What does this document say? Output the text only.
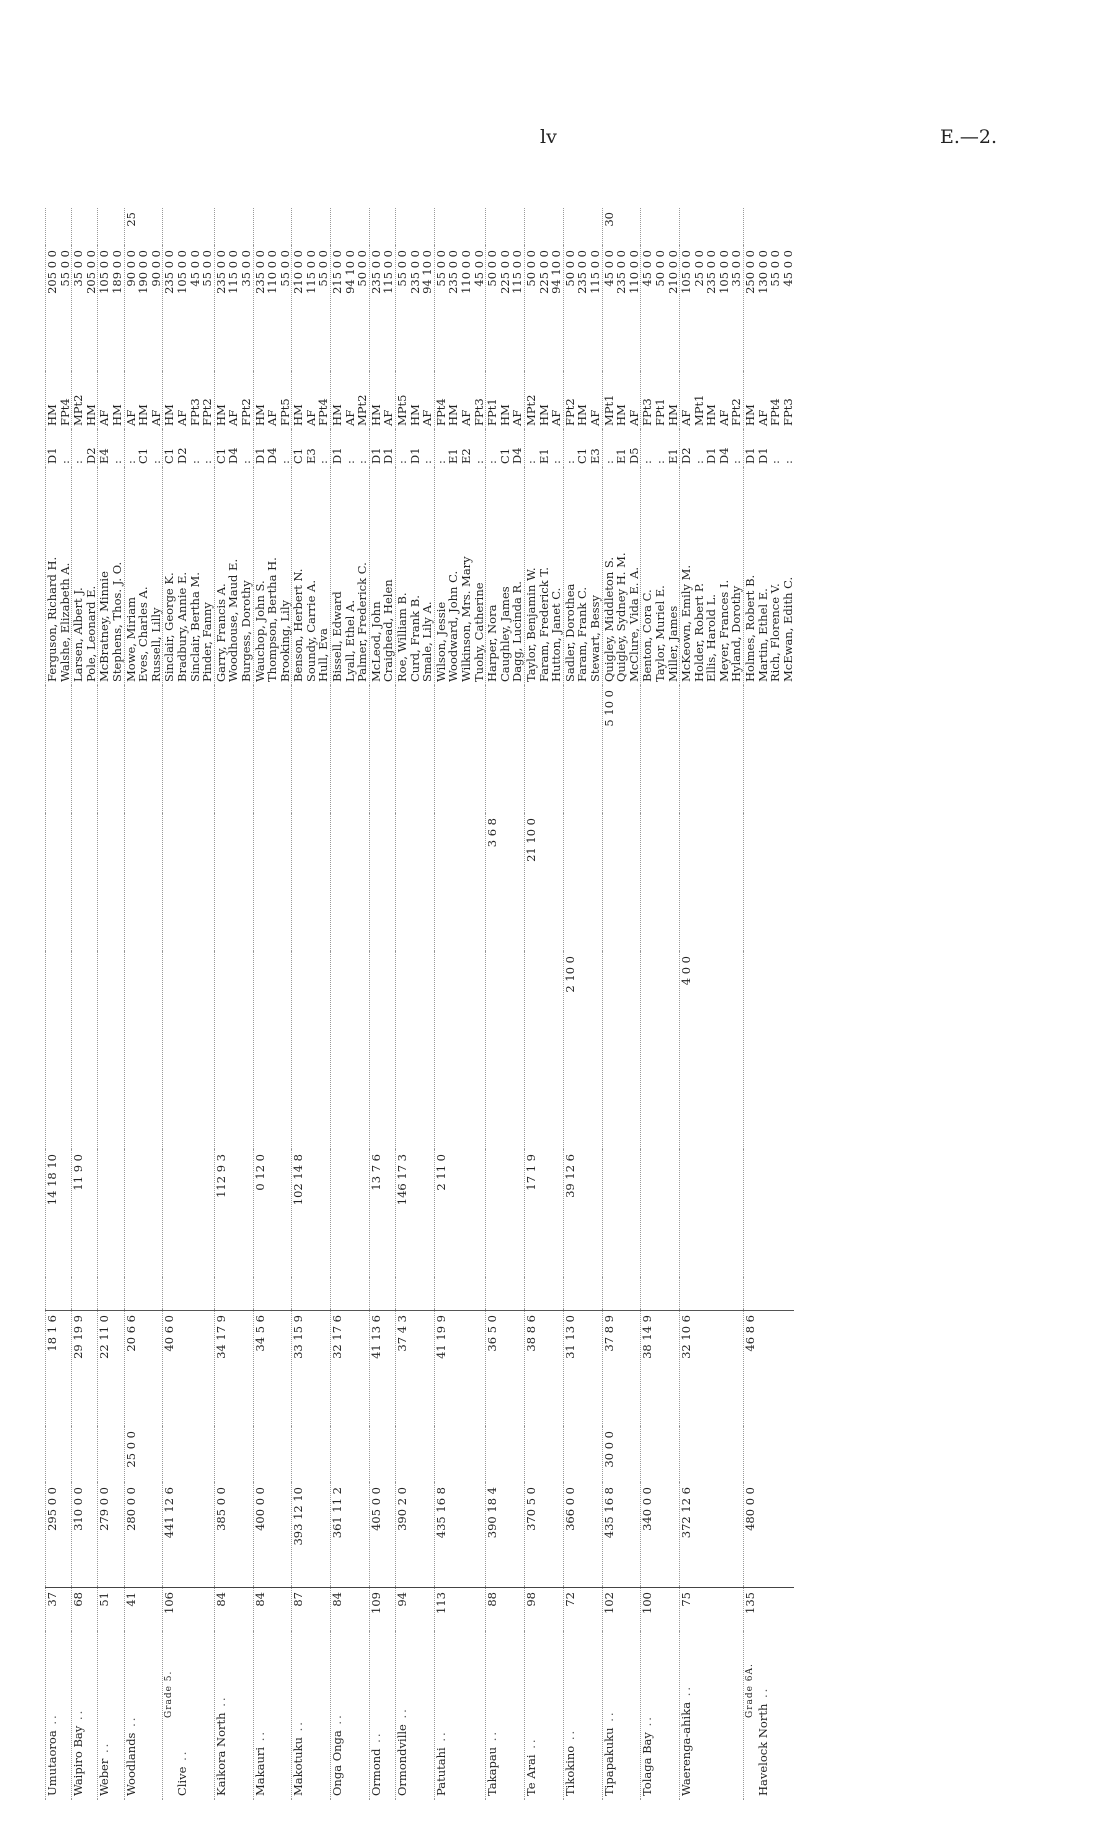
lv	E.—2.
Umutaoroa ..	37	295 0 0		18 1 6		14 18 10				Ferguson, Richard H.	D1	HM	205 0 0	
										Walshe, Elizabeth A.	:	FPt4	55 0 0	
Waipiro Bay ..	68	310 0 0		29 19 9		11 9 0				Larsen, Albert J.	:	MPt2	35 0 0	
										Pole, Leonard E.	D2	HM	205 0 0	
Weber ..	51	279 0 0		22 11 0						McBratney, Minnie	E4	AF	105 0 0	
										Stephens, Thos. J. O.	:	HM	189 0 0	
Woodlands ..	41	280 0 0	25 0 0	20 6 6						Mowe, Miriam	:	AF	90 0 0	25
										Eves, Charles A.	C1	HM	190 0 0	
										Russell, Lilly	:	AF	90 0 0	

Grade 5.
Clive ..	106	441 12 6		40 6 0						Sinclair, George K.	C1	HM	235 0 0	
										Bradbury, Annie E.	D2	AF	105 0 0	
										Sinclair, Bertha M.	:	FPt3	45 0 0	
										Pinder, Fanny	:	FPt2	55 0 0	
Kaikora North ..	84	385 0 0		34 17 9		112 9 3				Garry, Francis A.	C1	HM	235 0 0	
										Woodhouse, Maud E.	D4	AF	115 0 0	
										Burgess, Dorothy	:	FPt2	35 0 0	
Makauri ..	84	400 0 0		34 5 6		0 12 0				Wauchop, John S.	D1	HM	235 0 0	
										Thompson, Bertha H.	D4	AF	110 0 0	
										Brooking, Lily	:	FPt5	55 0 0	
Makotuku ..	87	393 12 10		33 15 9		102 14 8				Benson, Herbert N.	C1	HM	210 0 0	
										Soundy, Carrie A.	E3	AF	115 0 0	
										Hull, Eva	:	FPt4	55 0 0	
Onga Onga ..	84	361 11 2		32 17 6						Bissell, Edward	D1	HM	215 0 0	
										Lyall, Ethel A.	:	AF	94 10 0	
										Palmer, Frederick C.	:	MPt2	50 0 0	
Ormond ..	109	405 0 0		41 13 6		13 7 6				McLeod, John	D1	HM	235 0 0	
										Craighead, Helen	D1	AF	115 0 0	
Ormondville ..	94	390 2 0		37 4 3		146 17 3				Roe, William B.	:	MPt5	55 0 0	
										Curd, Frank B.	D1	HM	235 0 0	
										Smale, Lily A.	:	AF	94 10 0	
Patutahi ..	113	435 16 8		41 19 9		2 11 0				Wilson, Jessie	:	FPt4	55 0 0	
										Woodward, John C.	E1	HM	235 0 0	
										Wilkinson, Mrs. Mary	E2	AF	110 0 0	
										Tuohy, Catherine	:	FPt3	45 0 0	
Takapau ..	88	390 18 4		36 5 0				3 6 8		Harper, Nora	:	FPt1	50 0 0	
										Caughley, James	C1	HM	225 0 0	
										Dagg, Lucinda R.	D4	AF	115 0 0	
Te Arai ..	98	370 5 0		38 8 6		17 1 9		21 10 0		Taylor, Benjamin W.	:	MPt2	50 0 0	
										Faram, Frederick T.	E1	HM	225 0 0	
										Hutton, Janet C.	:	AF	94 10 0	
Tikokino ..	72	366 0 0		31 13 0		39 12 6	2 10 0			Sadler, Dorothea	:	FPt2	50 0 0	
										Faram, Frank C.	C1	HM	235 0 0	
										Stewart, Bessy	E3	AF	115 0 0	
Tipapakuku ..	102	435 16 8	30 0 0	37 8 9					5 10 0	Quigley, Middleton S.	:	MPt1	45 0 0	30
										Quigley, Sydney H. M.	E1	HM	235 0 0	
										McClure, Vida E. A.	D5	AF	110 0 0	
Tolaga Bay ..	100	340 0 0		38 14 9						Benton, Cora C.	:	FPt3	45 0 0	
										Taylor, Muriel E.	:	FPt1	50 0 0	
										Miller, James	E1	HM	210 0 0	
Waerenga-ahika ..	75	372 12 6		32 10 6			4 0 0			McKeown, Emily M.	D2	AF	105 0 0	
										Holder, Robert P.	:	MPt1	25 0 0	
										Ellis, Harold L.	D1	HM	235 0 0	
										Meyer, Frances I.	D4	AF	105 0 0	
										Hyland, Dorothy	:	FPt2	35 0 0	

Grade 6A.
Havelock North ..	135	480 0 0		46 8 6						Holmes, Robert B.	D1	HM	250 0 0	
										Martin, Ethel E.	D1	AF	130 0 0	
										Rich, Florence V.	:	FPt4	55 0 0	
										McEwan, Edith C.	:	FPt3	45 0 0	
